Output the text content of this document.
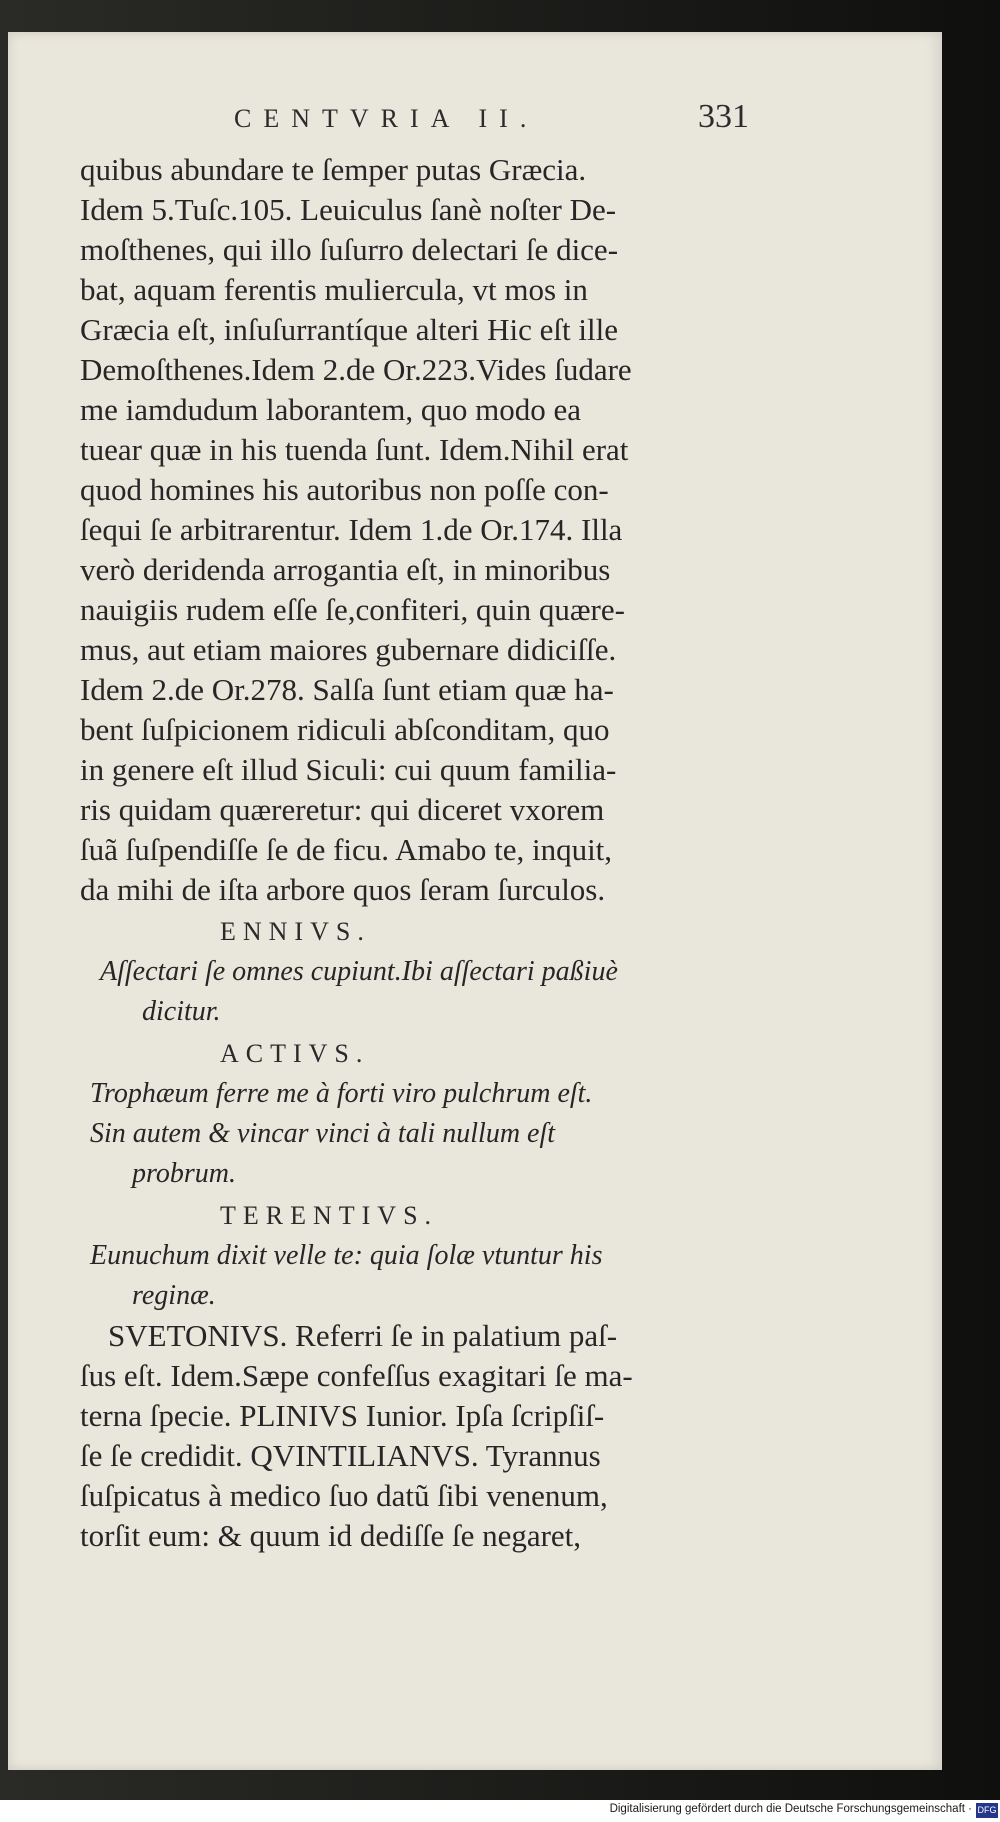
CENTVRIA II.	331
quibus abundare te ſemper putas Græcia.
Idem 5.Tuſc.105. Leuiculus ſanè noſter De-
moſthenes, qui illo ſuſurro delectari ſe dice-
bat, aquam ferentis muliercula, vt mos in
Græcia eſt, inſuſurrantíque alteri Hic eſt ille
Demoſthenes.Idem 2.de Or.223.Vides ſudare
me iamdudum laborantem, quo modo ea
tuear quæ in his tuenda ſunt. Idem.Nihil erat
quod homines his autoribus non poſſe con-
ſequi ſe arbitrarentur. Idem 1.de Or.174. Illa
verò deridenda arrogantia eſt, in minoribus
nauigiis rudem eſſe ſe,confiteri, quin quære-
mus, aut etiam maiores gubernare didiciſſe.
Idem 2.de Or.278. Salſa ſunt etiam quæ ha-
bent ſuſpicionem ridiculi abſconditam, quo
in genere eſt illud Siculi: cui quum familia-
ris quidam quæreretur: qui diceret vxorem
ſuã ſuſpendiſſe ſe de ficu. Amabo te, inquit,
da mihi de iſta arbore quos ſeram ſurculos.
ENNIVS.
Aſſectari ſe omnes cupiunt.Ibi aſſectari paßiuè
dicitur.
ACTIVS.
Trophæum ferre me à forti viro pulchrum eſt.
Sin autem & vincar vinci à tali nullum eſt
probrum.
TERENTIVS.
Eunuchum dixit velle te: quia ſolæ vtuntur his
reginæ.
SVETONIVS. Referri ſe in palatium paſ-
ſus eſt. Idem.Sæpe confeſſus exagitari ſe ma-
terna ſpecie. PLINIVS Iunior. Ipſa ſcripſiſ-
ſe ſe credidit. QVINTILIANVS. Tyrannus
ſuſpicatus à medico ſuo datũ ſibi venenum,
torſit eum: & quum id dediſſe ſe negaret,
Digitalisierung gefördert durch die Deutsche Forschungsgemeinschaft · DFG
